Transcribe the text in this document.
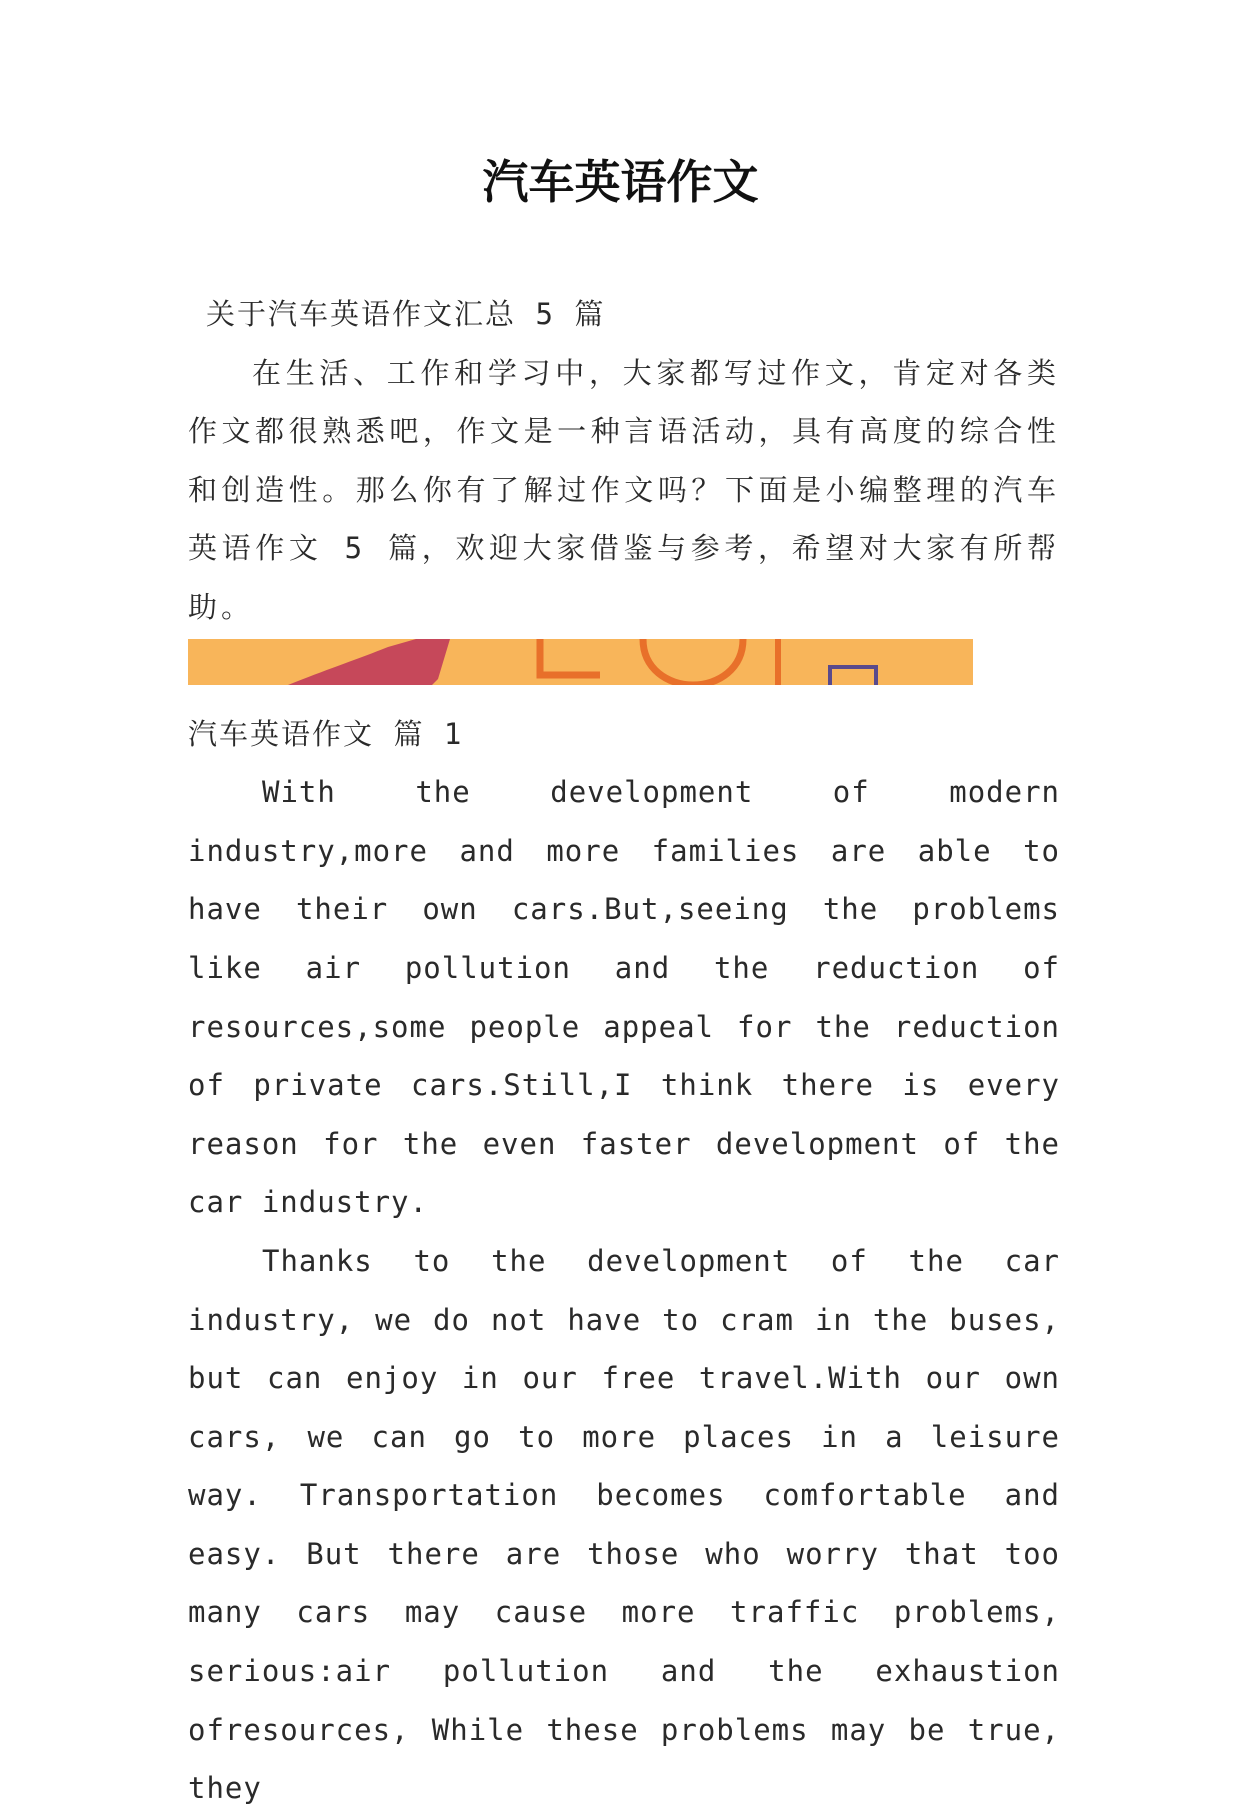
汽车英语作文

关于汽车英语作文汇总 5 篇

在生活、工作和学习中，大家都写过作文，肯定对各类作文都很熟悉吧，作文是一种言语活动，具有高度的综合性和创造性。那么你有了解过作文吗？下面是小编整理的汽车英语作文 5 篇，欢迎大家借鉴与参考，希望对大家有所帮助。

汽车英语作文 篇 1

With the development of modern industry,more and more families are able to have their own cars.But,seeing the problems like air pollution and the reduction of resources,some people appeal for the reduction of private cars.Still,I think there is every reason for the even faster development of the car industry.

Thanks to the development of the car industry, we do not have to cram in the buses, but can enjoy in our free travel.With our own cars, we can go to more places in a leisure way. Transportation becomes comfortable and easy. But there are those who worry that too many cars may cause more traffic problems, serious:air pollution and the exhaustion ofresources, While these problems may be true, they
